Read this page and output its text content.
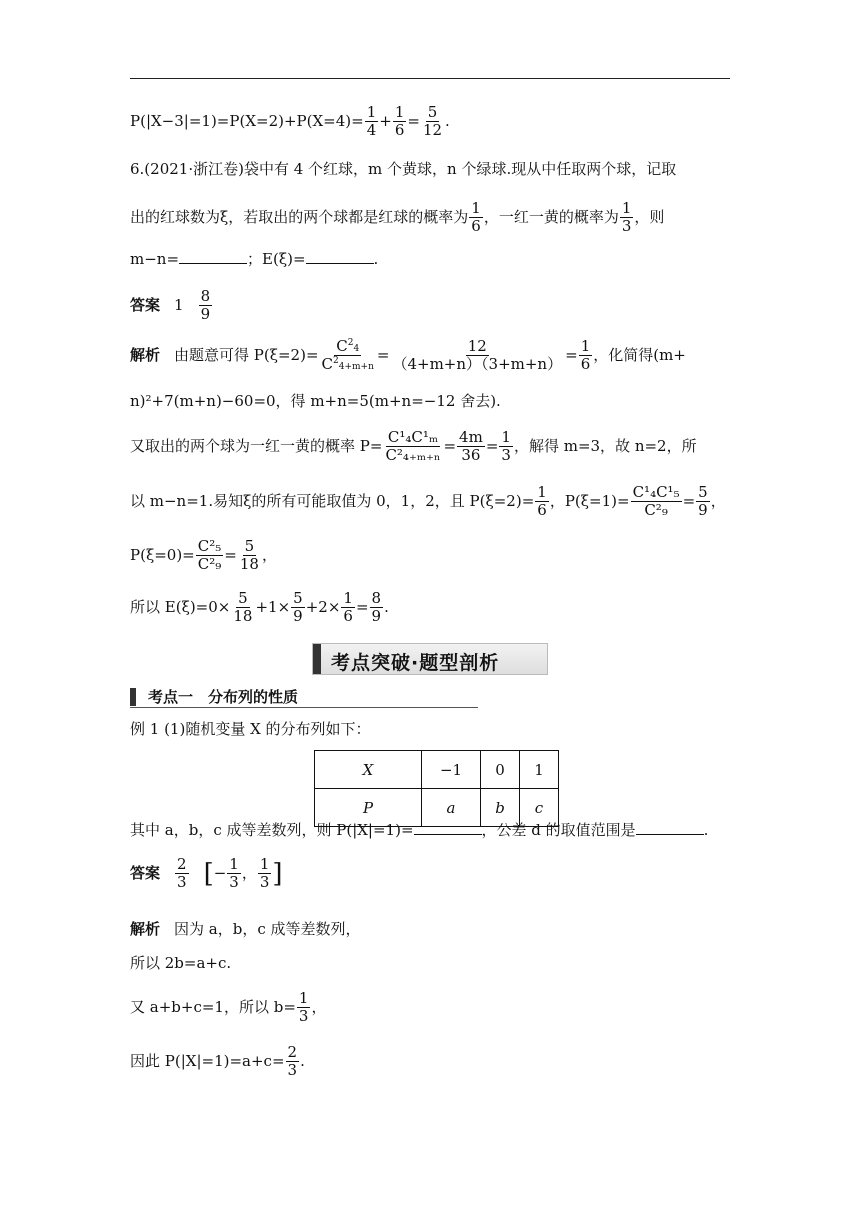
$P(|X-3|=1)=P(X=2)+P(X=4)= \frac{1}{4} + \frac{1}{6} = \frac{5}{12}$ .
6.(2021·浙江卷)袋中有 4 个红球，m 个黄球，n 个绿球.现从中任取两个球，记取
出的红球数为ξ，若取出的两个球都是红球的概率为 $\frac{1}{6}$ ，一红一黄的概率为 $\frac{1}{3}$ ，则
m−n=	；E(ξ)=	.
答案 $1 \frac{8}{9}$
解析 由题意可得 $P(\xi=2)= \frac{C^24}{C^24+m+n} = \frac{12}{(4+m+n)(3+m+n)} = \frac{1}{6}$ ，化简得(m+
n)²+7(m+n)−60=0，得 m+n=5(m+n=−12 舍去).
又取出的两个球为一红一黄的概率 $P= \frac{\text{C¹₄C¹ₘ}}{\text{C²₄₊ₘ₊ₙ}} = \frac{4m}{36} = \frac{1}{3}$ ，解得 m=3，故 n=2，所
以 m−n=1.易知ξ的所有可能取值为 0，1，2，且 $P(\xi=2)= \frac{1}{6}$ ，$P(\xi=1)= \frac{\text{C¹₄C¹₅}}{\text{C²₉}} = \frac{5}{9}$ ，
$P(\xi=0)= \frac{\text{C²₅}}{\text{C²₉}} = \frac{5}{18}$ ，
所以 $E(\xi)=0\times \frac{5}{18} +1\times \frac{5}{9} +2\times \frac{1}{6} = \frac{8}{9}$ .
考点突破·题型剖析
考点一　分布列的性质
例 1 (1)随机变量 X 的分布列如下：
X	−1	0	1
P	a	b	c
其中 a，b，c 成等差数列，则 P(|X|=1)=	，公差 d 的取值范围是	.
答案 $\frac{2}{3}$ [− $\frac{1}{3}$ ， $\frac{1}{3}$ ]
解析 因为 a，b，c 成等差数列，
所以 2b=a+c.
又 a+b+c=1，所以 $b= \frac{1}{3}$ ，
因此 $P(|X|=1)=a+c= \frac{2}{3}$ .
